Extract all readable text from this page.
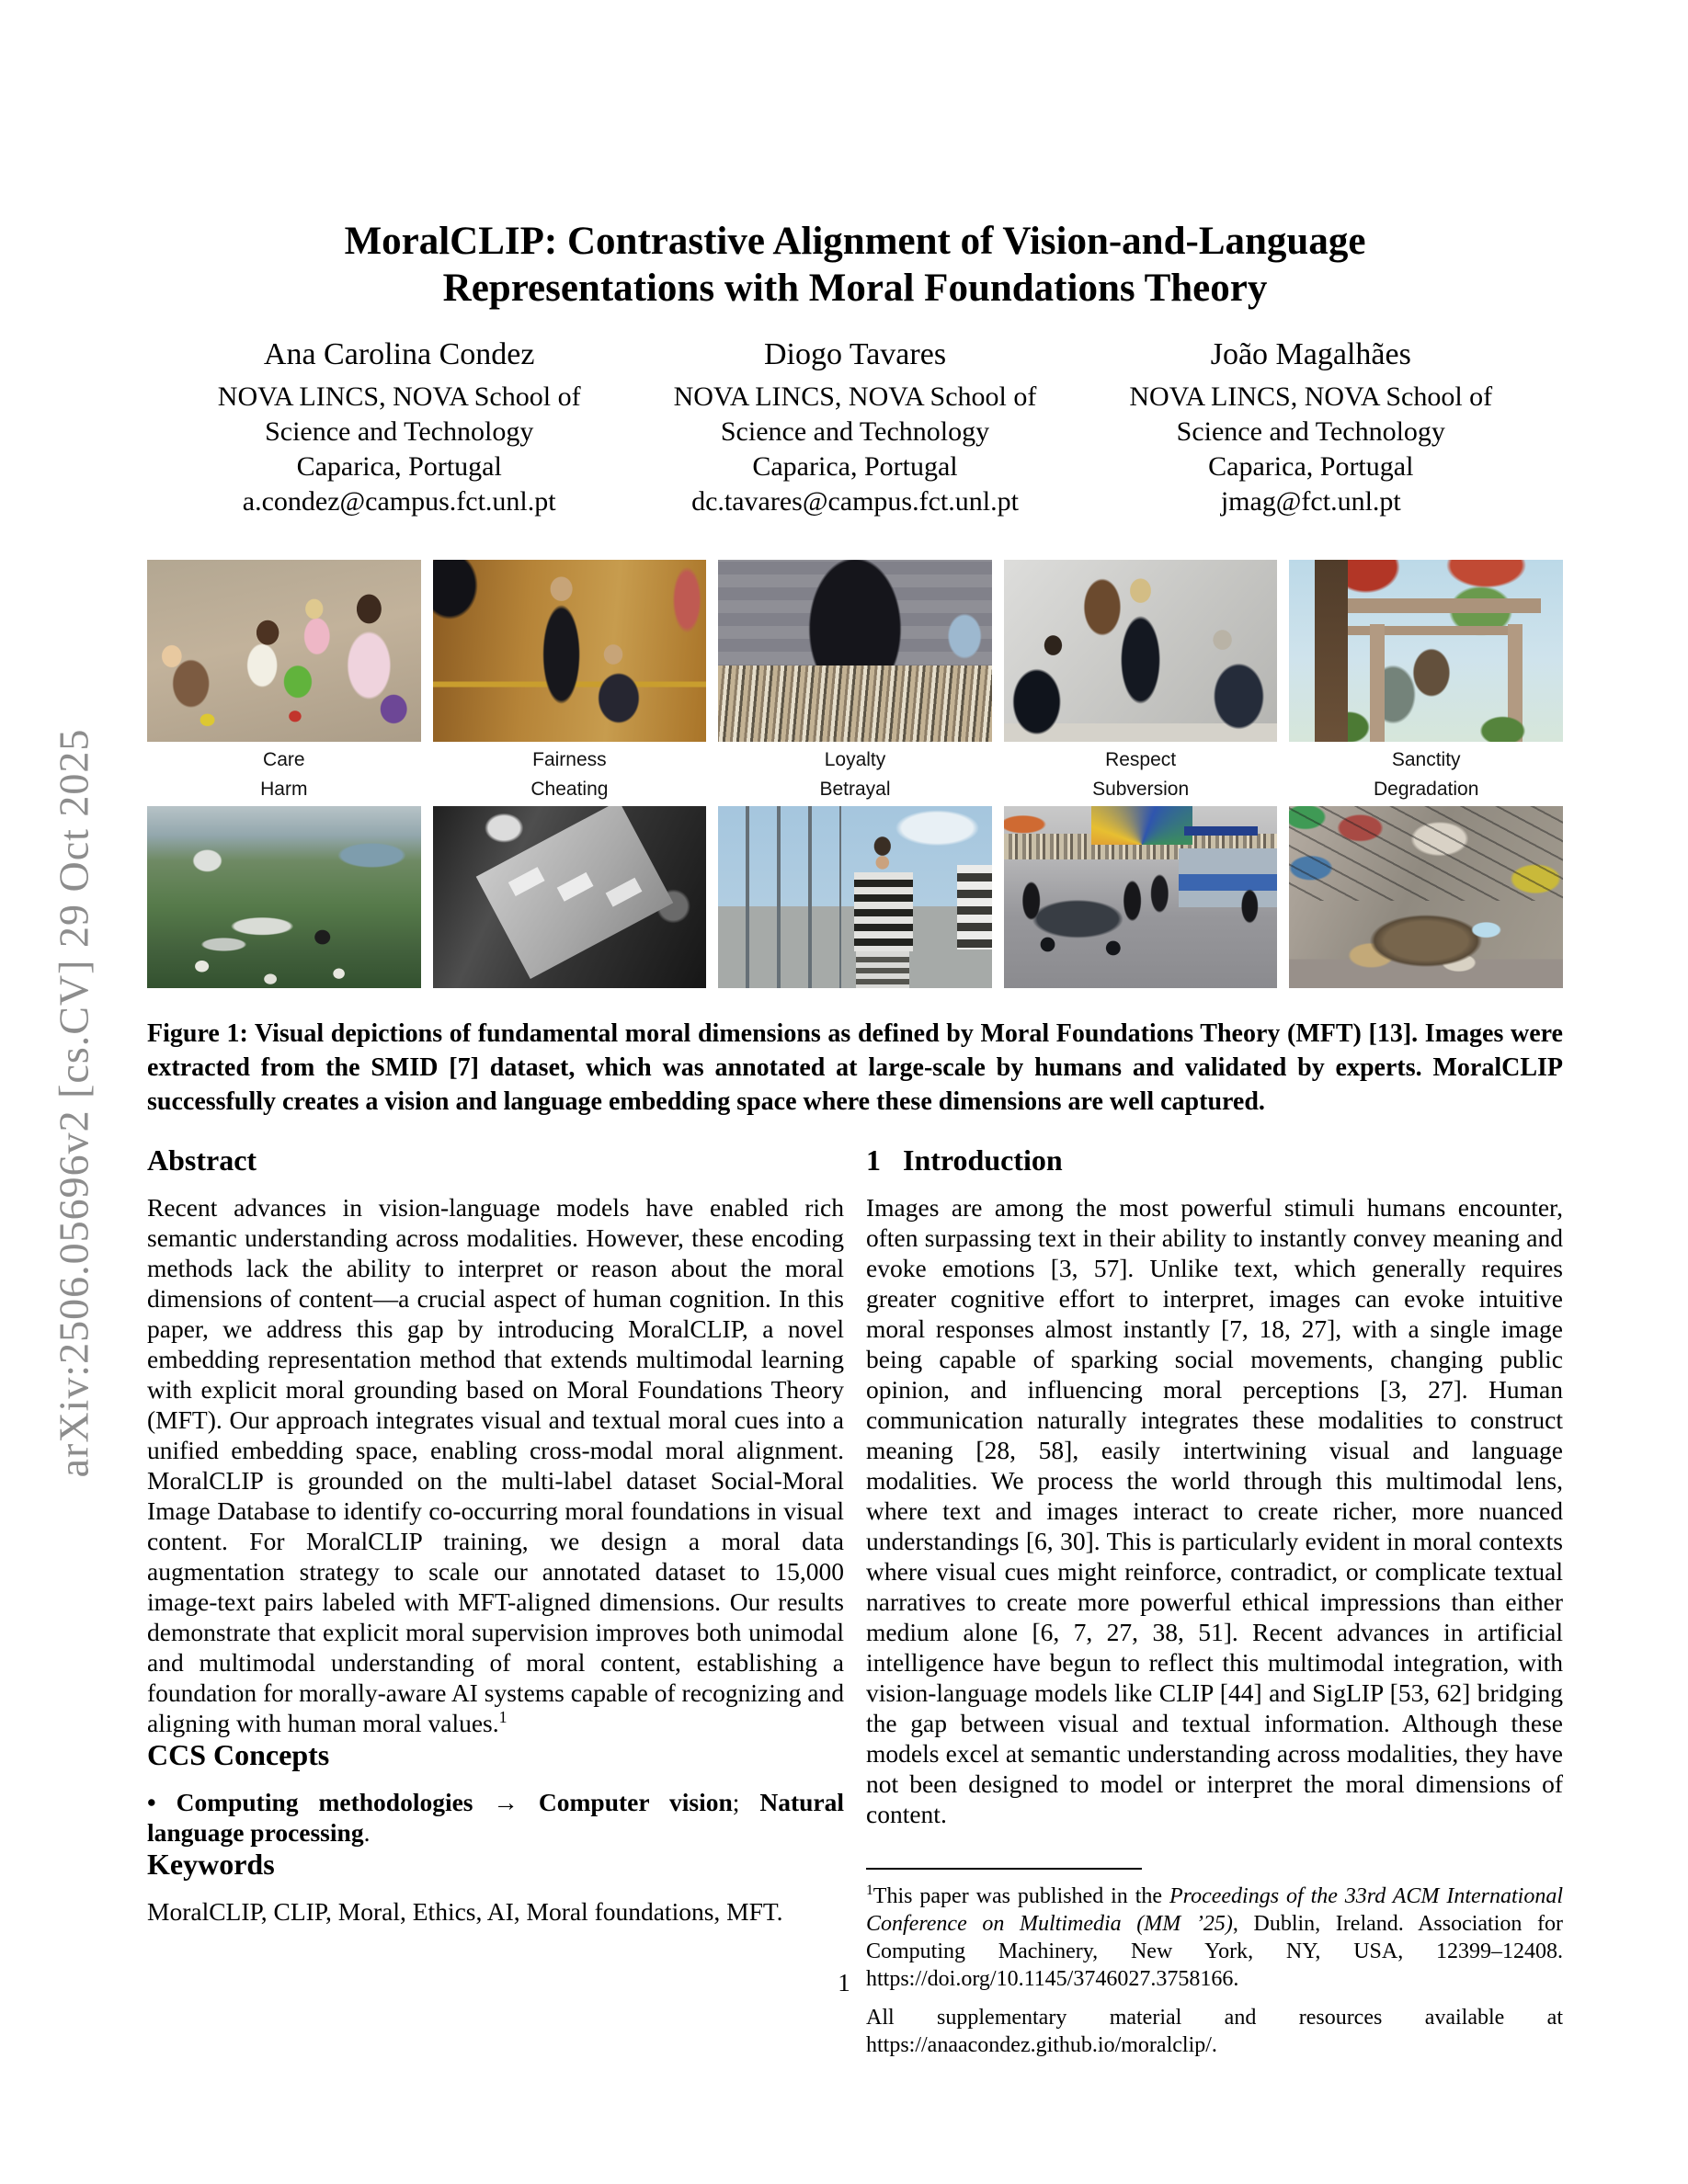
arXiv:2506.05696v2 [cs.CV] 29 Oct 2025
MoralCLIP: Contrastive Alignment of Vision-and-Language Representations with Moral Foundations Theory
Ana Carolina Condez
NOVA LINCS, NOVA School of
Science and Technology
Caparica, Portugal
a.condez@campus.fct.unl.pt
Diogo Tavares
NOVA LINCS, NOVA School of
Science and Technology
Caparica, Portugal
dc.tavares@campus.fct.unl.pt
João Magalhães
NOVA LINCS, NOVA School of
Science and Technology
Caparica, Portugal
jmag@fct.unl.pt
Care	Fairness	Loyalty	Respect	Sanctity
Harm	Cheating	Betrayal	Subversion	Degradation
Figure 1: Visual depictions of fundamental moral dimensions as defined by Moral Foundations Theory (MFT) [13]. Images were extracted from the SMID [7] dataset, which was annotated at large-scale by humans and validated by experts. MoralCLIP successfully creates a vision and language embedding space where these dimensions are well captured.
Abstract

Recent advances in vision-language models have enabled rich semantic understanding across modalities. However, these encoding methods lack the ability to interpret or reason about the moral dimensions of content—a crucial aspect of human cognition. In this paper, we address this gap by introducing MoralCLIP, a novel embedding representation method that extends multimodal learning with explicit moral grounding based on Moral Foundations Theory (MFT). Our approach integrates visual and textual moral cues into a unified embedding space, enabling cross-modal moral alignment. MoralCLIP is grounded on the multi-label dataset Social-Moral Image Database to identify co-occurring moral foundations in visual content. For MoralCLIP training, we design a moral data augmentation strategy to scale our annotated dataset to 15,000 image-text pairs labeled with MFT-aligned dimensions. Our results demonstrate that explicit moral supervision improves both unimodal and multimodal understanding of moral content, establishing a foundation for morally-aware AI systems capable of recognizing and aligning with human moral values.$^1$

CCS Concepts

• Computing methodologies → Computer vision; Natural language processing.

Keywords

MoralCLIP, CLIP, Moral, Ethics, AI, Moral foundations, MFT.

1 Introduction

Images are among the most powerful stimuli humans encounter, often surpassing text in their ability to instantly convey meaning and evoke emotions [3, 57]. Unlike text, which generally requires greater cognitive effort to interpret, images can evoke intuitive moral responses almost instantly [7, 18, 27], with a single image being capable of sparking social movements, changing public opinion, and influencing moral perceptions [3, 27]. Human communication naturally integrates these modalities to construct meaning [28, 58], easily intertwining visual and language modalities. We process the world through this multimodal lens, where text and images interact to create richer, more nuanced understandings [6, 30]. This is particularly evident in moral contexts where visual cues might reinforce, contradict, or complicate textual narratives to create more powerful ethical impressions than either medium alone [6, 7, 27, 38, 51]. Recent advances in artificial intelligence have begun to reflect this multimodal integration, with vision-language models like CLIP [44] and SigLIP [53, 62] bridging the gap between visual and textual information. Although these models excel at semantic understanding across modalities, they have not been designed to model or interpret the moral dimensions of content.

$^1$This paper was published in the Proceedings of the 33rd ACM International Conference on Multimedia (MM ’25), Dublin, Ireland. Association for Computing Machinery, New York, NY, USA, 12399–12408. https://doi.org/10.1145/3746027.3758166.

All supplementary material and resources available at https://anaacondez.github.io/moralclip/.

1
